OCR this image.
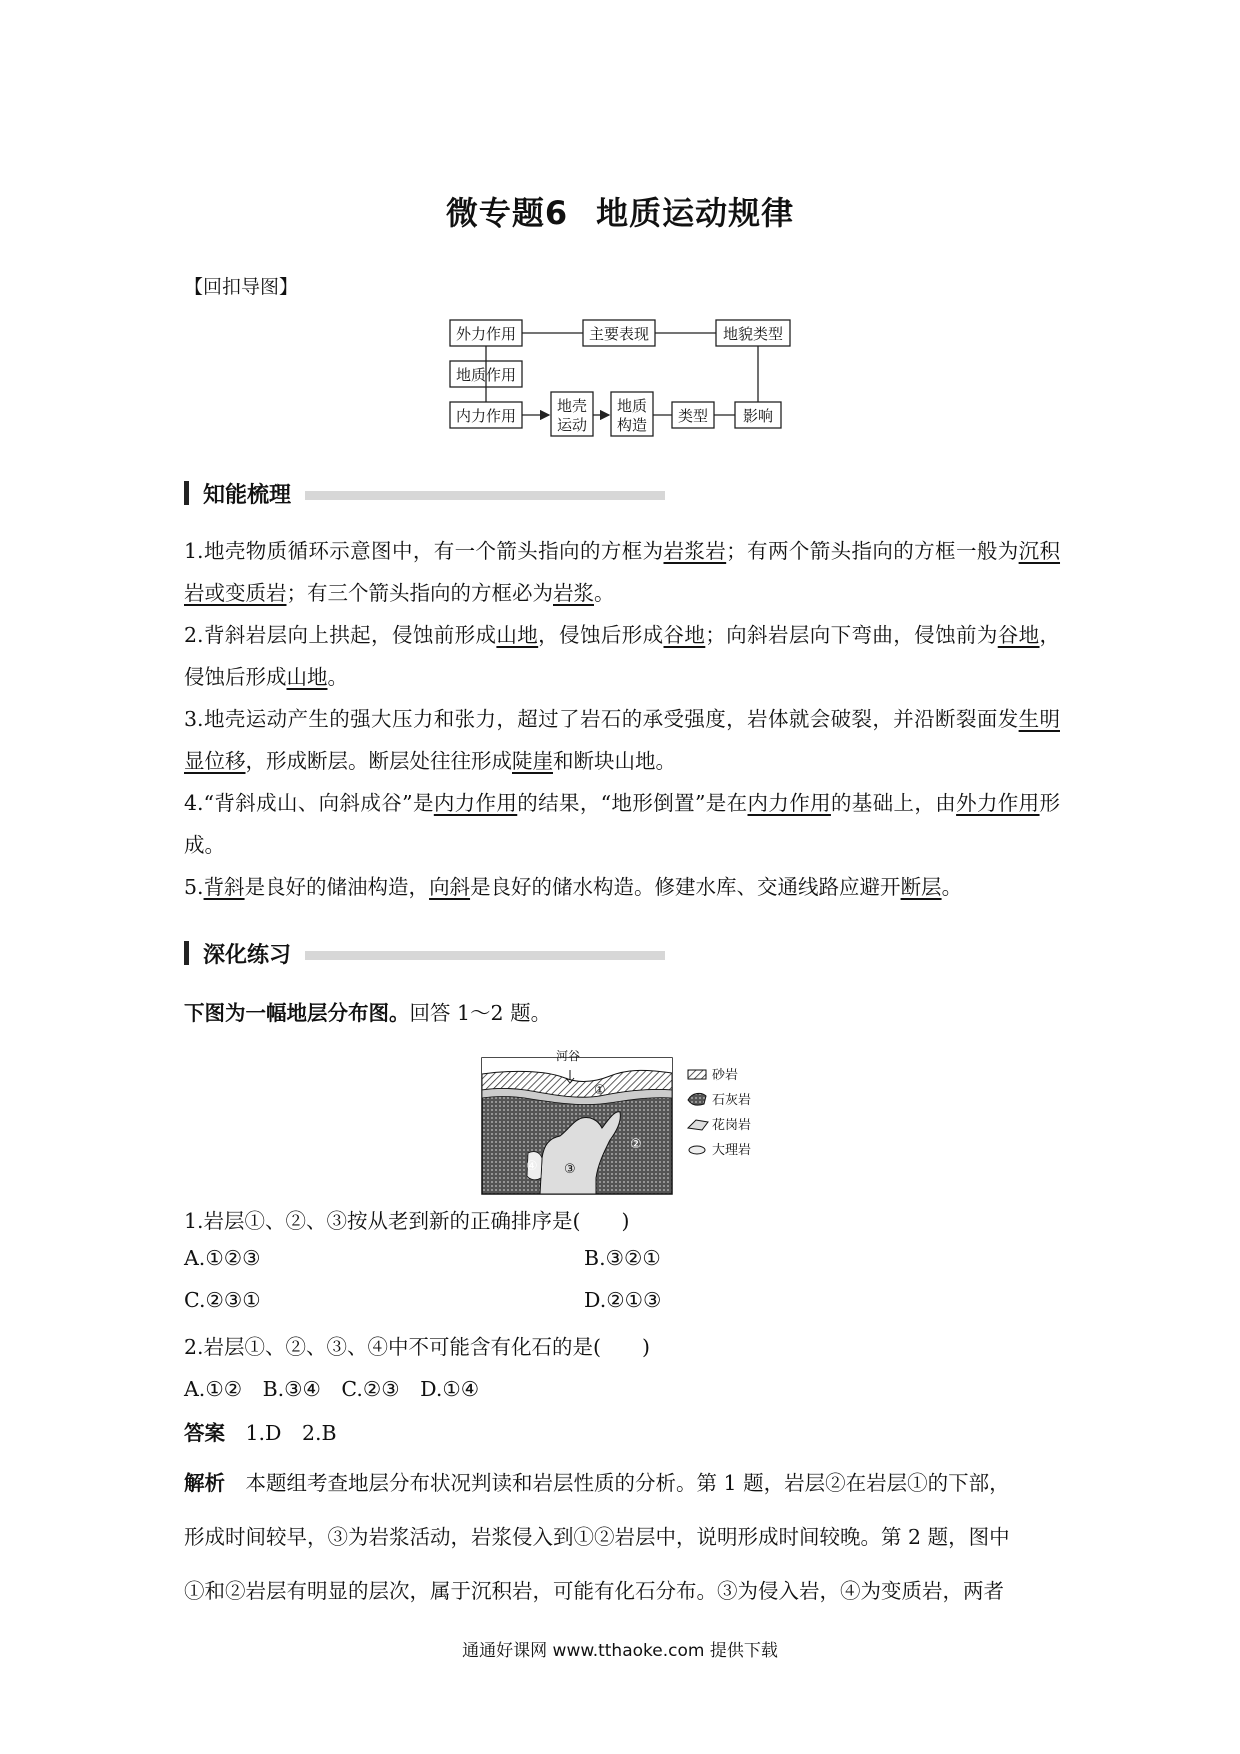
微专题6 地质运动规律
【回扣导图】
外力作用	主要表现	地貌类型
地质作用
内力作用
地壳
运动
地质
构造 类型 影响
知能梳理
1.地壳物质循环示意图中，有一个箭头指向的方框为岩浆岩；有两个箭头指向的方框一般为沉积岩或变质岩；有三个箭头指向的方框必为岩浆。
2.背斜岩层向上拱起，侵蚀前形成山地，侵蚀后形成谷地；向斜岩层向下弯曲，侵蚀前为谷地，侵蚀后形成山地。
3.地壳运动产生的强大压力和张力，超过了岩石的承受强度，岩体就会破裂，并沿断裂面发生明显位移，形成断层。断层处往往形成陡崖和断块山地。
4.“背斜成山、向斜成谷”是内力作用的结果，“地形倒置”是在内力作用的基础上，由外力作用形成。
5.背斜是良好的储油构造，向斜是良好的储水构造。修建水库、交通线路应避开断层。
深化练习
下图为一幅地层分布图。回答 1～2 题。
河谷
①
②
③
④
砂岩
石灰岩
花岗岩
大理岩
1.岩层①、②、③按从老到新的正确排序是(　　)
A.①②③	B.③②①
C.②③①	D.②①③
2.岩层①、②、③、④中不可能含有化石的是(　　)
A.①②　B.③④　C.②③　D.①④
答案　 1.D　2.B
解析　 本题组考查地层分布状况判读和岩层性质的分析。第 1 题，岩层②在岩层①的下部，
形成时间较早，③为岩浆活动，岩浆侵入到①②岩层中，说明形成时间较晚。第 2 题，图中
①和②岩层有明显的层次，属于沉积岩，可能有化石分布。③为侵入岩，④为变质岩，两者
通通好课网 www.tthaoke.com 提供下载
